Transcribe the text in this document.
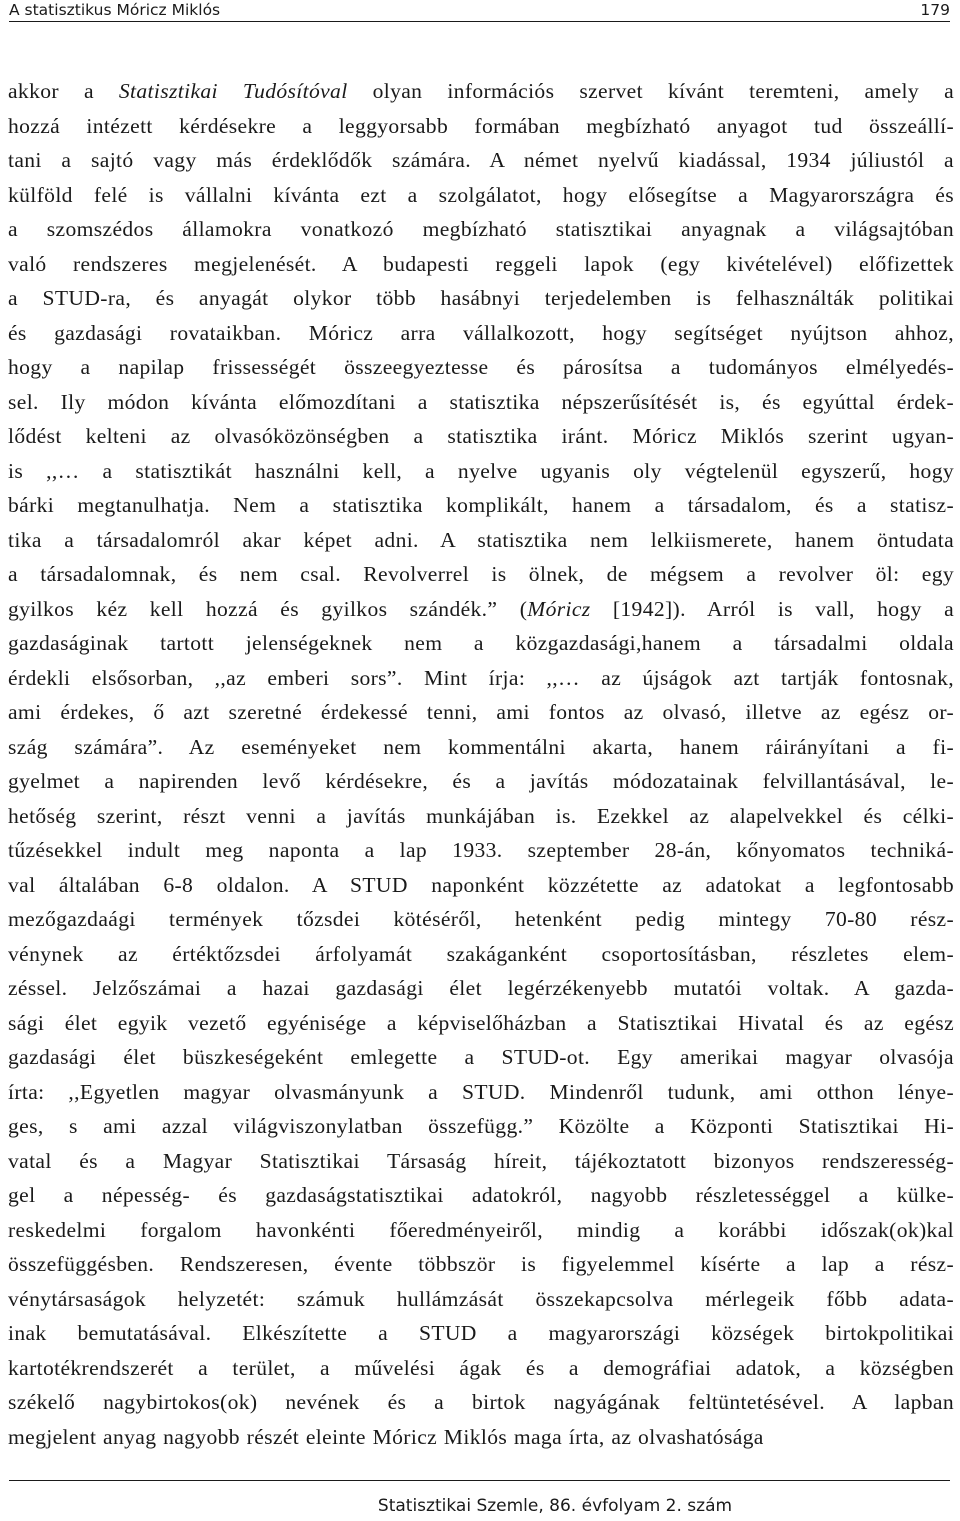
A statisztikus Móricz Miklós	179
akkor a Statisztikai Tudósítóval olyan információs szervet kívánt teremteni, amely a
hozzá intézett kérdésekre a leggyorsabb formában megbízható anyagot tud összeállí-
tani a sajtó vagy más érdeklődők számára. A német nyelvű kiadással, 1934 júliustól a
külföld felé is vállalni kívánta ezt a szolgálatot, hogy elősegítse a Magyarországra és
a szomszédos államokra vonatkozó megbízható statisztikai anyagnak a világsajtóban
való rendszeres megjelenését. A budapesti reggeli lapok (egy kivételével) előfizettek
a STUD-ra, és anyagát olykor több hasábnyi terjedelemben is felhasználták politikai
és gazdasági rovataikban. Móricz arra vállalkozott, hogy segítséget nyújtson ahhoz,
hogy a napilap frissességét összeegyeztesse és párosítsa a tudományos elmélyedés-
sel. Ily módon kívánta előmozdítani a statisztika népszerűsítését is, és egyúttal érdek-
lődést kelteni az olvasóközönségben a statisztika iránt. Móricz Miklós szerint ugyan-
is ,,… a statisztikát használni kell, a nyelve ugyanis oly végtelenül egyszerű, hogy
bárki megtanulhatja. Nem a statisztika komplikált, hanem a társadalom, és a statisz-
tika a társadalomról akar képet adni. A statisztika nem lelkiismerete, hanem öntudata
a társadalomnak, és nem csal. Revolverrel is ölnek, de mégsem a revolver öl: egy
gyilkos kéz kell hozzá és gyilkos szándék.” (Móricz [1942]). Arról is vall, hogy a
gazdaságinak tartott jelenségeknek nem a közgazdasági,hanem a társadalmi oldala
érdekli elsősorban, ,,az emberi sors”. Mint írja: ,,… az újságok azt tartják fontosnak,
ami érdekes, ő azt szeretné érdekessé tenni, ami fontos az olvasó, illetve az egész or-
szág számára”. Az eseményeket nem kommentálni akarta, hanem ráirányítani a fi-
gyelmet a napirenden levő kérdésekre, és a javítás módozatainak felvillantásával, le-
hetőség szerint, részt venni a javítás munkájában is. Ezekkel az alapelvekkel és célki-
tűzésekkel indult meg naponta a lap 1933. szeptember 28-án, kőnyomatos techniká-
val általában 6-8 oldalon. A STUD naponként közzétette az adatokat a legfontosabb
mezőgazdaági termények tőzsdei kötéséről, hetenként pedig mintegy 70-80 rész-
vénynek az értéktőzsdei árfolyamát szakáganként csoportosításban, részletes elem-
zéssel. Jelzőszámai a hazai gazdasági élet legérzékenyebb mutatói voltak. A gazda-
sági élet egyik vezető egyénisége a képviselőházban a Statisztikai Hivatal és az egész
gazdasági élet büszkeségeként emlegette a STUD-ot. Egy amerikai magyar olvasója
írta: ,,Egyetlen magyar olvasmányunk a STUD. Mindenről tudunk, ami otthon lénye-
ges, s ami azzal világviszonylatban összefügg.” Közölte a Központi Statisztikai Hi-
vatal és a Magyar Statisztikai Társaság híreit, tájékoztatott bizonyos rendszeresség-
gel a népesség- és gazdaságstatisztikai adatokról, nagyobb részletességgel a külke-
reskedelmi forgalom havonkénti főeredményeiről, mindig a korábbi időszak(ok)kal
összefüggésben. Rendszeresen, évente többször is figyelemmel kísérte a lap a rész-
vénytársaságok helyzetét: számuk hullámzását összekapcsolva mérlegeik főbb adata-
inak bemutatásával. Elkészítette a STUD a magyarországi községek birtokpolitikai
kartotékrendszerét a terület, a művelési ágak és a demográfiai adatok, a községben
székelő nagybirtokos(ok) nevének és a birtok nagyágának feltüntetésével. A lapban
megjelent anyag nagyobb részét eleinte Móricz Miklós maga írta, az olvashatósága
Statisztikai Szemle, 86. évfolyam 2. szám
